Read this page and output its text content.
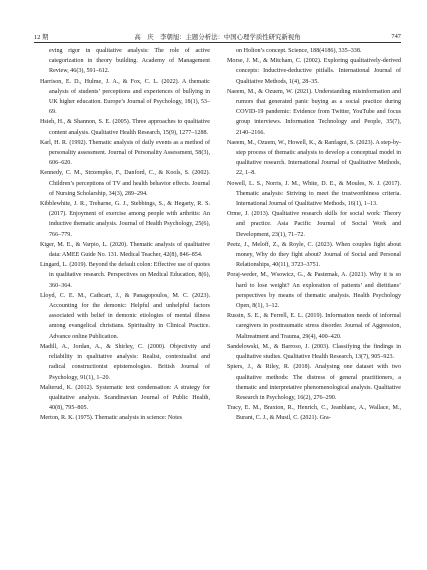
12 期	高　庆　李朝旭：主题分析法：中国心理学质性研究新视角	747

eving rigor in qualitative analysis: The role of active categorization in theory building. Academy of Management Review, 46(3), 591–612.

Harrison, E. D., Hulme, J. A., & Fox, C. L. (2022). A thematic analysis of students’ perceptions and experiences of bullying in UK higher education. Europe’s Journal of Psychology, 18(1), 53–69.

Hsieh, H., & Shannon, S. E. (2005). Three approaches to qualitative content analysis. Qualitative Health Research, 15(9), 1277–1288.

Karl, H. R. (1992). Thematic analysis of daily events as a method of personality assessment. Journal of Personality Assessment, 58(3), 606–620.

Kennedy, C. M., Strzempko, F., Danford, C., & Kools, S. (2002). Children’s perceptions of TV and health behavior effects. Journal of Nursing Scholarship, 34(3), 289–294.

Kibblewhite, J. R., Treharne, G. J., Stebbings, S., & Hegarty, R. S. (2017). Enjoyment of exercise among people with arthritis: An inductive thematic analysis. Journal of Health Psychology, 25(6), 766–779.

Kiger, M. E., & Varpio, L. (2020). Thematic analysis of qualitative data: AMEE Guide No. 131. Medical Teacher, 42(8), 846–854.

Lingard, L. (2019). Beyond the default colon: Effective use of quotes in qualitative research. Perspectives on Medical Education, 8(6), 360–364.

Lloyd, C. E. M., Cathcart, J., & Panagopoulos, M. C. (2023). Accounting for the demonic: Helpful and unhelpful factors associated with belief in demonic etiologies of mental illness among evangelical christians. Spirituality in Clinical Practice. Advance online Publication.

Madill, A., Jordan, A., & Shirley, C. (2000). Objectivity and reliability in qualitative analysis: Realist, contextualist and radical constructionist epistemologies. British Journal of Psychology, 91(1), 1–20.

Malterud, K. (2012). Systematic text condensation: A strategy for qualitative analysis. Scandinavian Journal of Public Health, 40(8), 795–805.

Merton, R. K. (1975). Thematic analysis in science: Notes

on Holton’s concept. Science, 188(4186), 335–338.

Morse, J. M., & Mitcham, C. (2002). Exploring qualitatively-derived concepts: Inductive-deductive pitfalls. International Journal of Qualitative Methods, 1(4), 28–35.

Naeem, M., & Ozuem, W. (2021). Understanding misinformation and rumors that generated panic buying as a social practice during COVID-19 pandemic: Evidence from Twitter, YouTube and focus group interviews. Information Technology and People, 35(7), 2140–2166.

Naeem, M., Ozuem, W., Howell, K., & Ranfagni, S. (2023). A step-by-step process of thematic analysis to develop a conceptual model in qualitative research. International Journal of Qualitative Methods, 22, 1–8.

Nowell, L. S., Norris, J. M., White, D. E., & Moules, N. J. (2017). Thematic analysis: Striving to meet the trustworthiness criteria. International Journal of Qualitative Methods, 16(1), 1–13.

Orme, J. (2013). Qualitative research skills for social work: Theory and practice. Asia Pacific Journal of Social Work and Development, 23(1), 71–72.

Peetz, J., Meloff, Z., & Royle, C. (2023). When couples fight about money, Why do they fight about? Journal of Social and Personal Relationships, 40(11), 3723–3751.

Poraj-weder, M., Wsowicz, G., & Pastemak, A. (2021). Why it is so hard to lose weight? An exploration of patients’ and dietitians’ perspectives by means of thematic analysis. Health Psychology Open, 8(1), 1–12.

Russin, S. E., & Ferrell, E. L. (2019). Information needs of informal caregivers in posttraumatic stress disorder. Journal of Aggression, Maltreatment and Trauma, 29(4), 400–420.

Sandelowski, M., & Barroso, J. (2003). Classifying the findings in qualitative studies. Qualitative Health Research, 13(7), 905–923.

Spiers, J., & Riley, R. (2018). Analysing one dataset with two qualitative methods: The distress of general practitioners, a thematic and interpretative phenomenological analysis. Qualitative Research in Psychology, 16(2), 276–290.

Tracy, E. M., Braxton, R., Henrich, C., Jeanblanc, A., Wallace, M., Burant, C. J., & Musil, C. (2021). Gra-
